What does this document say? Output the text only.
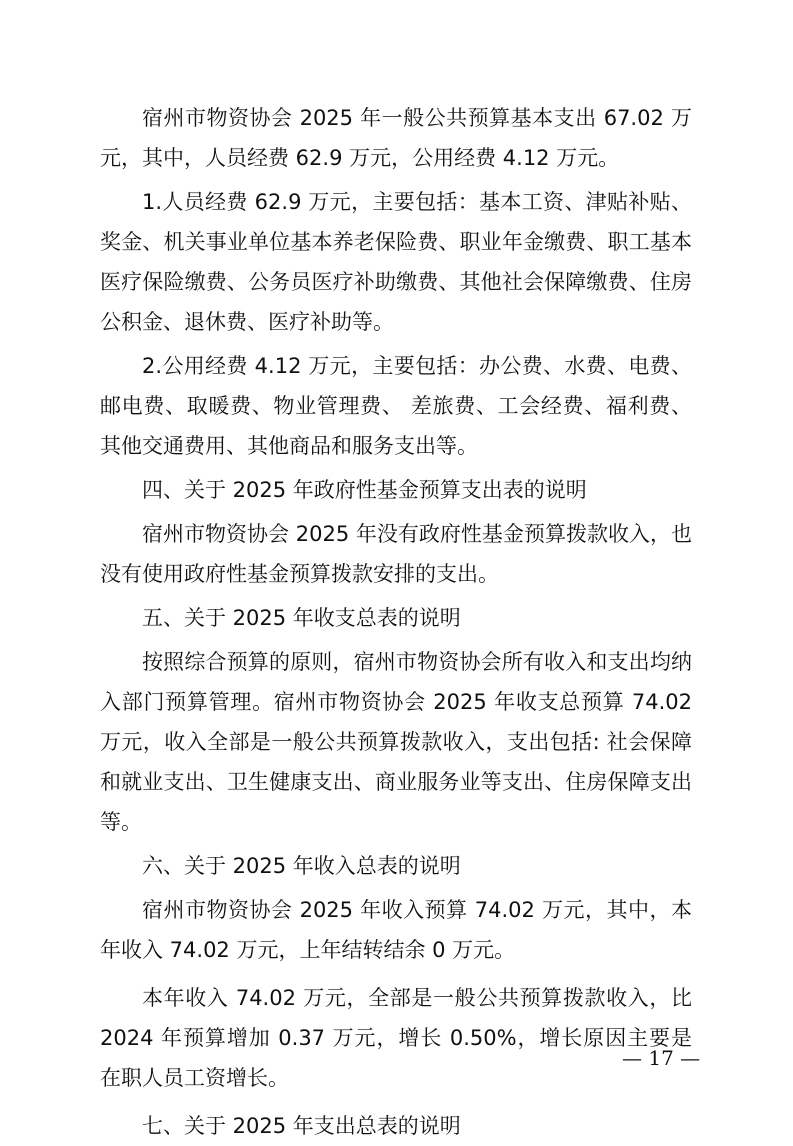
宿州市物资协会 2025 年一般公共预算基本支出 67.02 万元，其中，人员经费 62.9 万元，公用经费 4.12 万元。

1.人员经费 62.9 万元，主要包括：基本工资、津贴补贴、奖金、机关事业单位基本养老保险费、职业年金缴费、职工基本医疗保险缴费、公务员医疗补助缴费、其他社会保障缴费、住房公积金、退休费、医疗补助等。

2.公用经费 4.12 万元，主要包括：办公费、水费、电费、邮电费、取暖费、物业管理费、 差旅费、工会经费、福利费、其他交通费用、其他商品和服务支出等。

四、关于 2025 年政府性基金预算支出表的说明

宿州市物资协会 2025 年没有政府性基金预算拨款收入，也没有使用政府性基金预算拨款安排的支出。

五、关于 2025 年收支总表的说明

按照综合预算的原则，宿州市物资协会所有收入和支出均纳入部门预算管理。宿州市物资协会 2025 年收支总预算 74.02 万元，收入全部是一般公共预算拨款收入，支出包括: 社会保障和就业支出、卫生健康支出、商业服务业等支出、住房保障支出等。

六、关于 2025 年收入总表的说明

宿州市物资协会 2025 年收入预算 74.02 万元，其中，本年收入 74.02 万元，上年结转结余 0 万元。

本年收入 74.02 万元，全部是一般公共预算拨款收入，比 2024 年预算增加 0.37 万元，增长 0.50%，增长原因主要是在职人员工资增长。

七、关于 2025 年支出总表的说明

— 17 —
